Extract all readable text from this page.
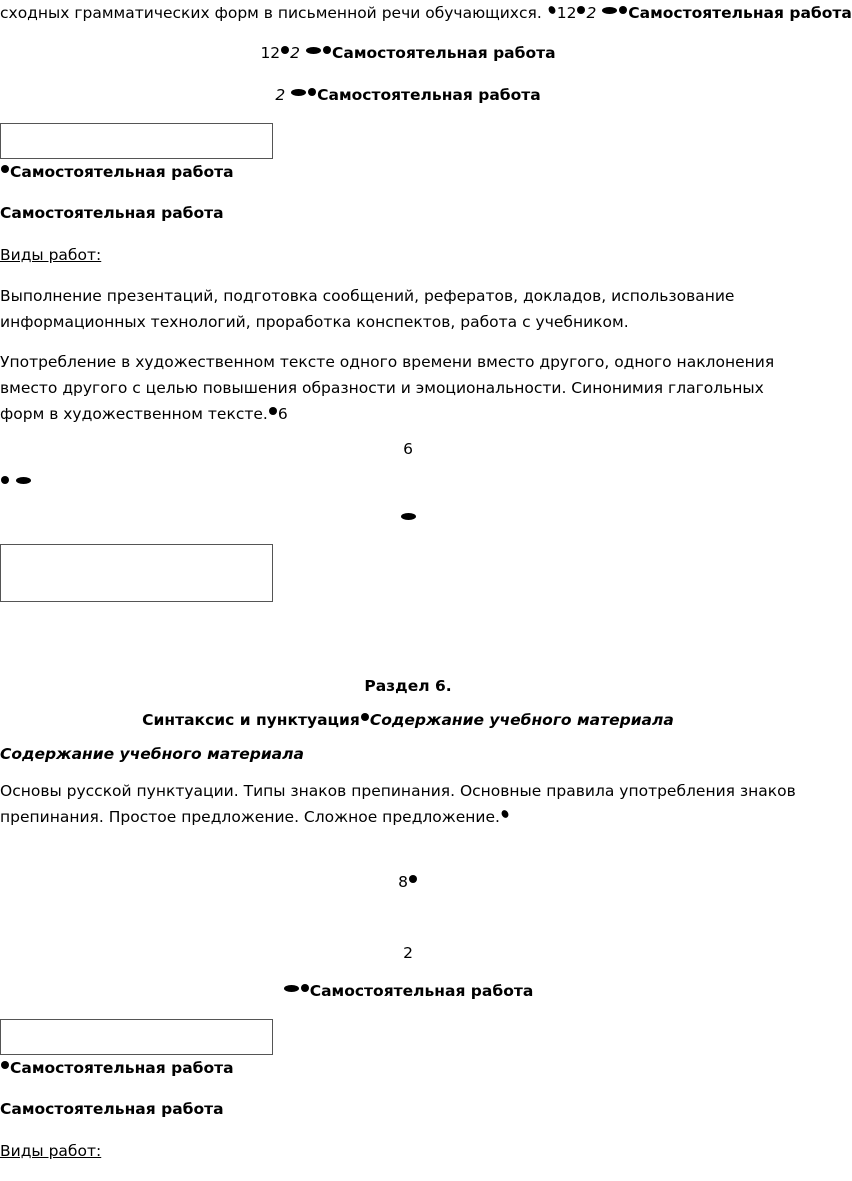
сходных грамматических форм в письменной речи обучающихся. 12 2 Самостоятельная работа
12 2 Самостоятельная работа
2 Самостоятельная работа
Самостоятельная работа
Самостоятельная работа
Виды работ:
Выполнение презентаций, подготовка сообщений, рефератов, докладов, использование информационных технологий, проработка конспектов, работа с учебником.
Употребление в художественном тексте одного времени вместо другого, одного наклонения вместо другого с целью повышения образности и эмоциональности. Синонимия глагольных форм в художественном тексте. 6
6

Раздел 6.
Синтаксис и пунктуация Содержание учебного материала
Содержание учебного материала
Основы русской пунктуации. Типы знаков препинания. Основные правила употребления знаков препинания. Простое предложение. Сложное предложение.
8
2
Самостоятельная работа
Самостоятельная работа
Самостоятельная работа
Виды работ:
